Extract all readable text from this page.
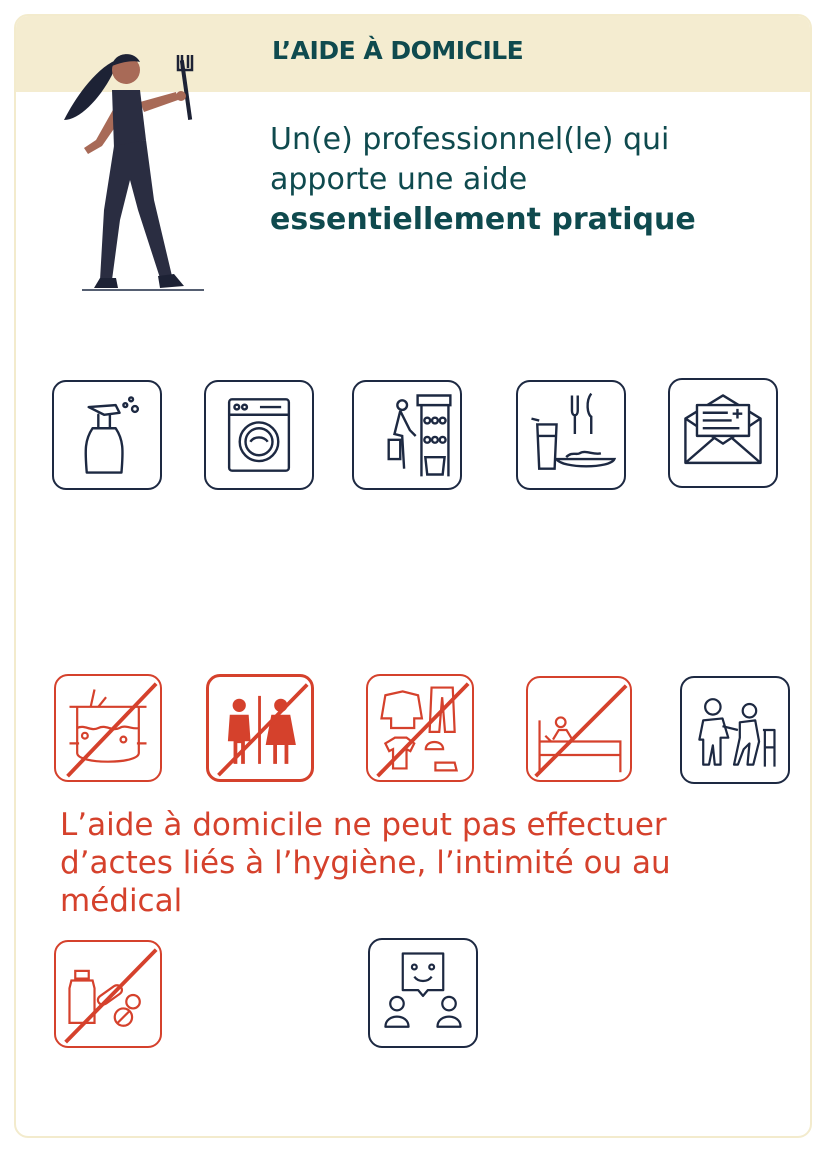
L’AIDE À DOMICILE

Un(e) professionnel(le) qui
apporte une aide
essentiellement pratique

L’aide à domicile ne peut pas effectuer d’actes liés à l’hygiène, l’intimité ou au médical
